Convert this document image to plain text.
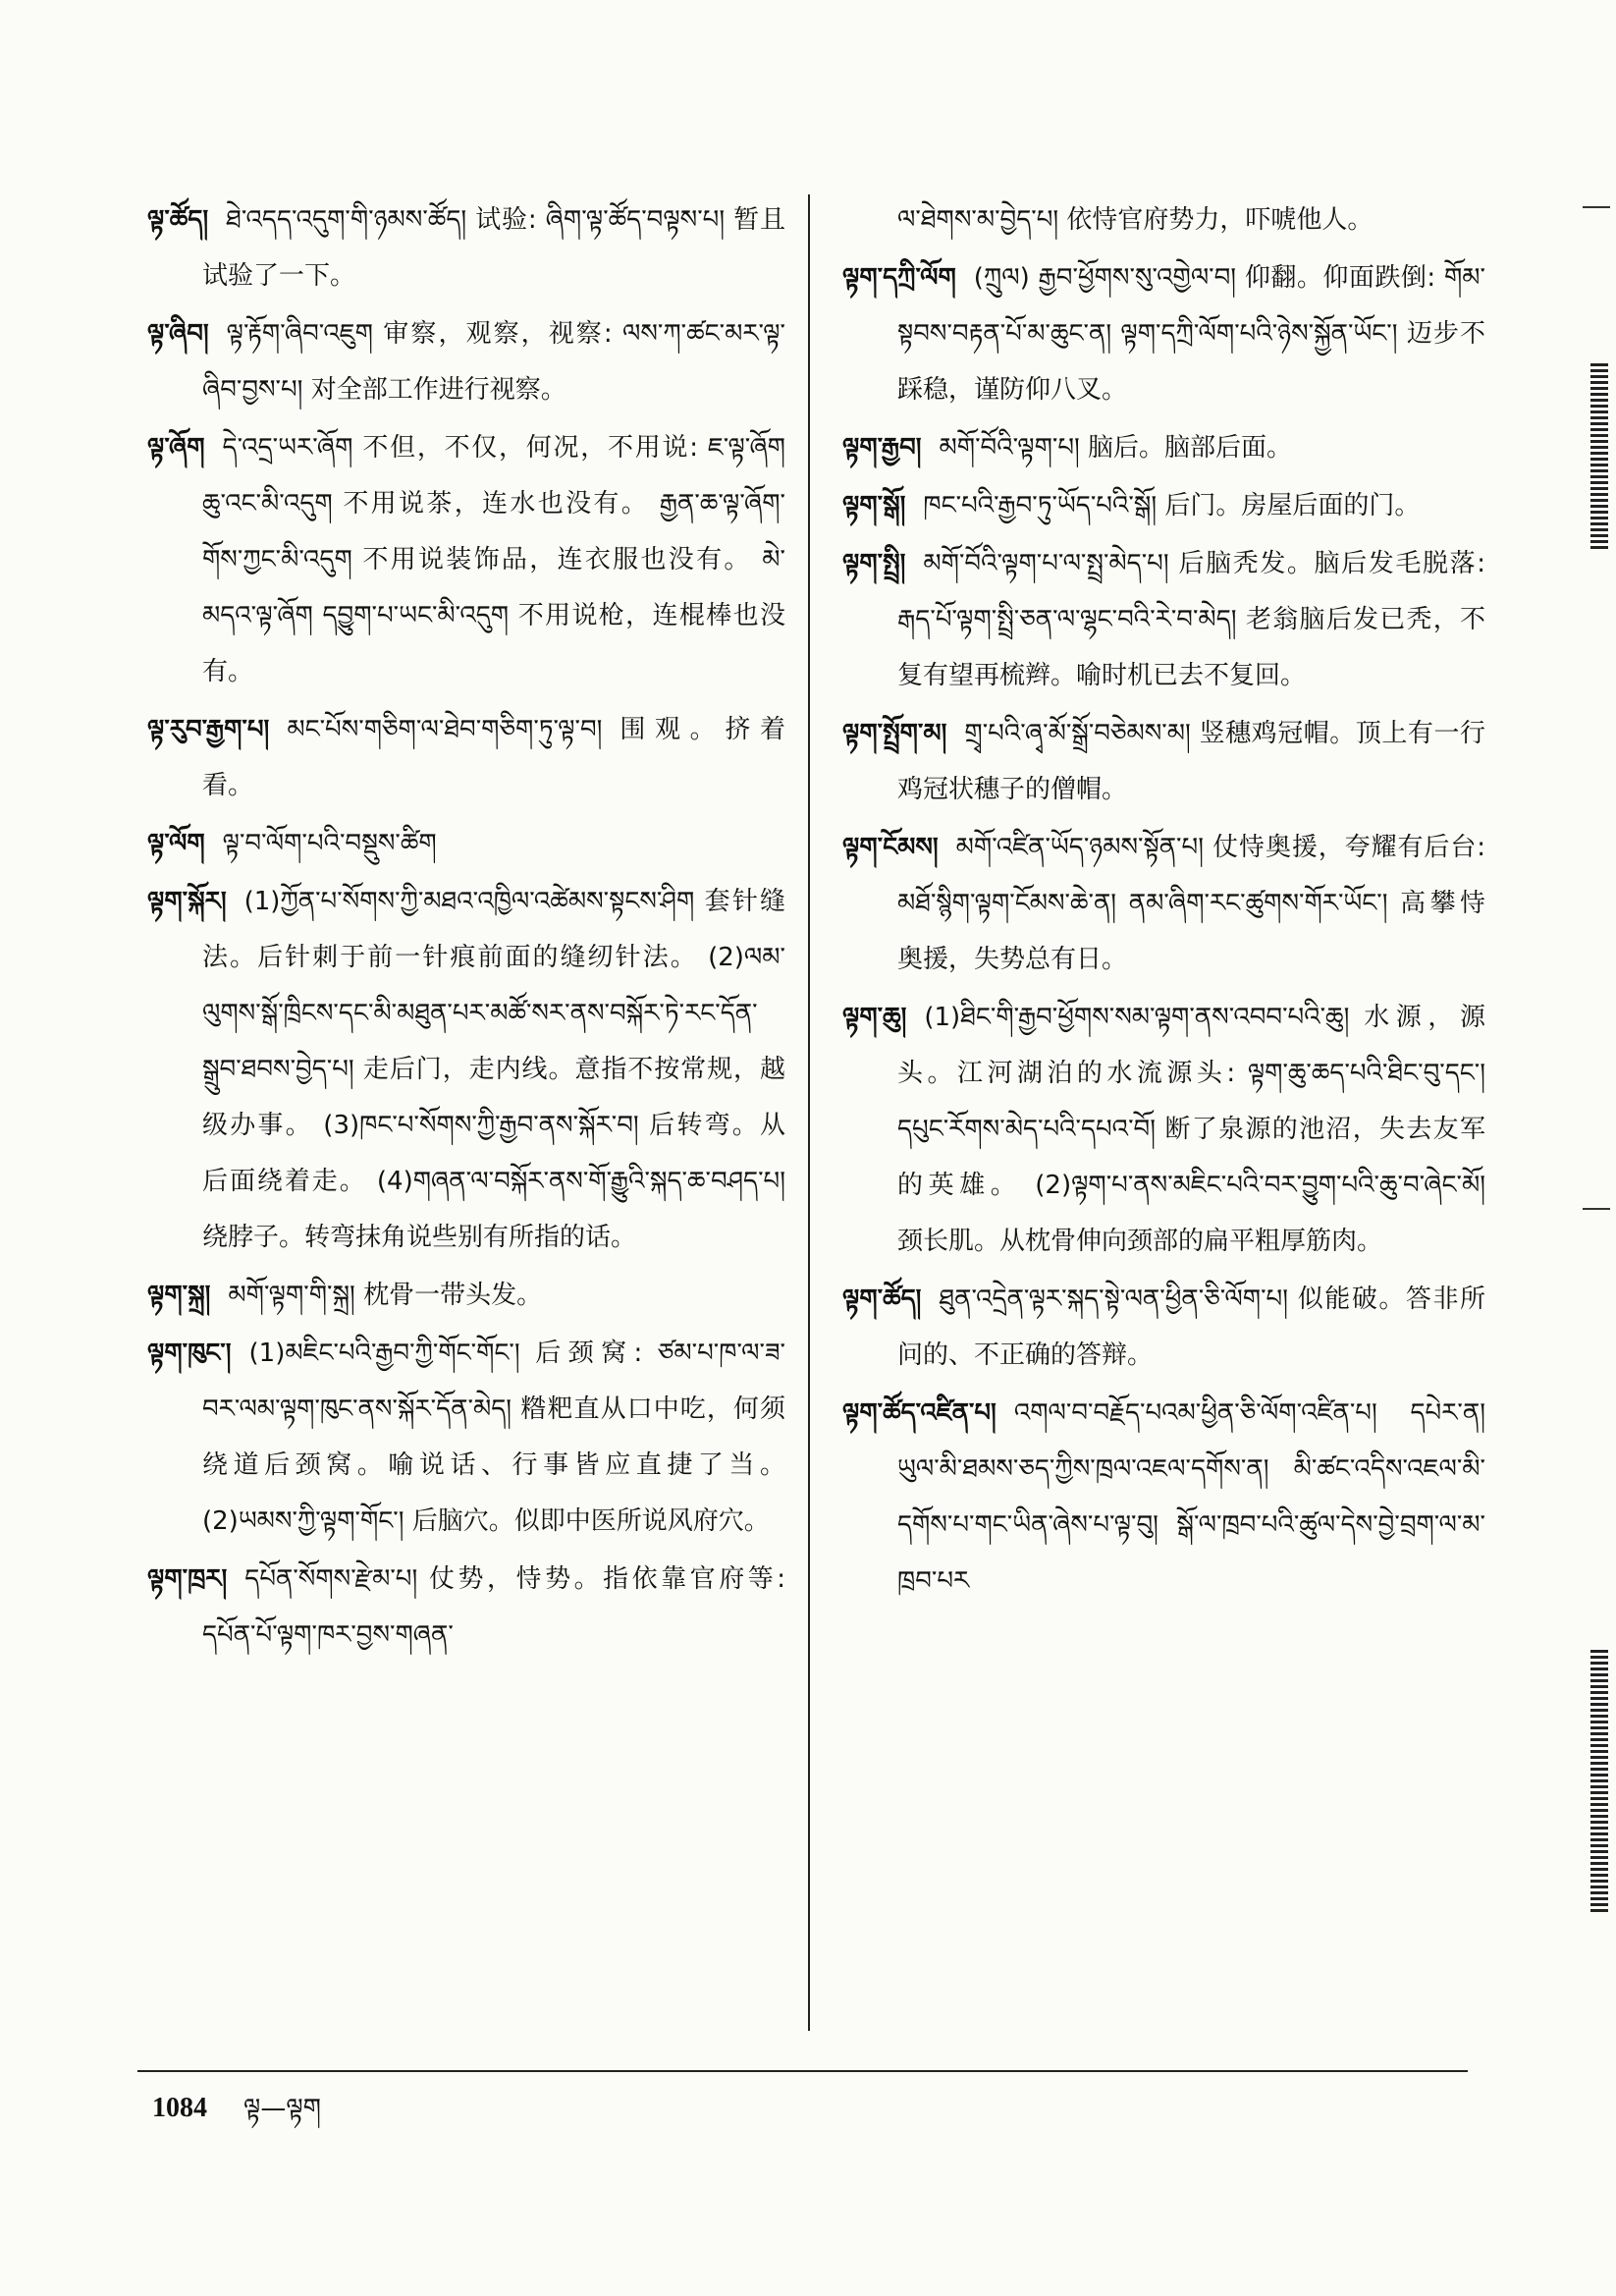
ལྟ་ཚོད། ཐེ་འདད་འདུག་གི་ཉམས་ཚོད། 试验: ཞིག་ལྟ་ཚོད་བལྟས་པ། 暂且试验了一下。

ལྟ་ཞིབ། ལྟ་རྟོག་ཞིབ་འཇུག 审察，观察，视察: ལས་ཀ་ཚང་མར་ལྟ་ཞིབ་བྱས་པ། 对全部工作进行视察。

ལྟ་ཞོག དེ་འདྲ་ཡར་ཞོག 不但，不仅，何况，不用说: ཇ་ལྟ་ཞོག ཆུ་འང་མི་འདུག 不用说茶，连水也没有。 རྒྱན་ཆ་ལྟ་ཞོག་གོས་ཀྱང་མི་འདུག 不用说装饰品，连衣服也没有。 མེ་མདའ་ལྟ་ཞོག དབྱུག་པ་ཡང་མི་འདུག 不用说枪，连棍棒也没有。

ལྟ་རུབ་རྒྱག་པ། མང་པོས་གཅིག་ལ་ཐེབ་གཅིག་ཏུ་ལྟ་བ། 围观。挤着看。

ལྟ་ལོག ལྟ་བ་ལོག་པའི་བསྡུས་ཚིག

ལྟག་སྐོར། (1)ཀྱོན་པ་སོགས་ཀྱི་མཐའ་འཁྱིལ་འཚེམས་སྟངས་ཤིག 套针缝法。后针刺于前一针痕前面的缝纫针法。 (2)ལམ་ལུགས་སྒོ་ཁྲིངས་དང་མི་མཐུན་པར་མཚོ་སར་ནས་བསྐོར་ཏེ་རང་དོན་སྒྲུབ་ཐབས་བྱེད་པ། 走后门，走内线。意指不按常规，越级办事。 (3)ཁང་པ་སོགས་ཀྱི་རྒྱབ་ནས་སྐོར་བ། 后转弯。从后面绕着走。 (4)གཞན་ལ་བསྐོར་ནས་གོ་རྒྱུའི་སྐད་ཆ་བཤད་པ། 绕脖子。转弯抹角说些别有所指的话。

ལྟག་སྐྲ། མགོ་ལྟག་གི་སྐྲ། 枕骨一带头发。

ལྟག་ཁུང་། (1)མཇིང་པའི་རྒྱབ་ཀྱི་གོང་གོང་། 后颈窝: ཙམ་པ་ཁ་ལ་ཟ་བར་ལམ་ལྟག་ཁུང་ནས་སྐོར་དོན་མེད། 糌粑直从口中吃，何须绕道后颈窝。喻说话、行事皆应直捷了当。 (2)ཡམས་ཀྱི་ལྟག་གོང་། 后脑穴。似即中医所说风府穴。

ལྟག་ཁྲར། དཔོན་སོགས་རྫེམ་པ། 仗势，恃势。指依靠官府等: དཔོན་པོ་ལྟག་ཁར་བྱས་གཞན་

ལ་ཐེགས་མ་བྱེད་པ། 依恃官府势力，吓唬他人。

ལྟག་དཀྲི་ལོག (ཀྲུལ) རྒྱབ་ཕྱོགས་སུ་འགྱེལ་བ། 仰翻。仰面跌倒: གོམ་སྟབས་བརྟན་པོ་མ་ཆུང་ན། ལྟག་དཀྲི་ལོག་པའི་ཉེས་སྐྱོན་ཡོང་། 迈步不踩稳，谨防仰八叉。

ལྟག་རྒྱབ། མགོ་བོའི་ལྟག་པ། 脑后。脑部后面。

ལྟག་སྒོ། ཁང་པའི་རྒྱབ་ཏུ་ཡོད་པའི་སྒོ། 后门。房屋后面的门。

ལྟག་སྤྲི། མགོ་བོའི་ལྟག་པ་ལ་སྤྲ་མེད་པ། 后脑秃发。脑后发毛脱落: རྒད་པོ་ལྟག་སྤྲི་ཅན་ལ་ལྷང་བའི་རེ་བ་མེད། 老翁脑后发已秃，不复有望再梳辫。喻时机已去不复回。

ལྟག་སྤྲོག་མ། གྲྭ་པའི་ཞྭ་མོ་སྒྲོ་བཅེམས་མ། 竖穗鸡冠帽。顶上有一行鸡冠状穗子的僧帽。

ལྟག་ངོམས། མགོ་འཛིན་ཡོད་ཉམས་སྟོན་པ། 仗恃奥援，夸耀有后台: མཐོ་སྙིག་ལྟག་ངོམས་ཆེ་ན། ནམ་ཞིག་རང་ཚུགས་གོར་ཡོང་། 高攀恃奥援，失势总有日。

ལྟག་ཆུ། (1)ཐིང་གི་རྒྱབ་ཕྱོགས་སམ་ལྟག་ནས་འབབ་པའི་ཆུ། 水源，源头。江河湖泊的水流源头: ལྟག་ཆུ་ཆད་པའི་ཐིང་བུ་དང་། དཔུང་རོགས་མེད་པའི་དཔའ་བོ། 断了泉源的池沼，失去友军的英雄。 (2)ལྟག་པ་ནས་མཇིང་པའི་བར་བྱུག་པའི་ཆུ་བ་ཞེང་མོ། 颈长肌。从枕骨伸向颈部的扁平粗厚筋肉。

ལྟག་ཚོད། ཐུན་འདྲེན་ལྟར་སྐད་སྟེ་ལན་ཕྱིན་ཅི་ལོག་པ། 似能破。答非所问的、不正确的答辩。

ལྟག་ཚོད་འཛིན་པ། འགལ་བ་བརྗོད་པའམ་ཕྱིན་ཅི་ལོག་འཛིན་པ། དཔེར་ན། ཡུལ་མི་ཐམས་ཅད་ཀྱིས་ཁྲལ་འཇལ་དགོས་ན། མི་ཚང་འདིས་འཇལ་མི་དགོས་པ་གང་ཡིན་ཞེས་པ་ལྟ་བུ། སྒོ་ལ་ཁྲབ་པའི་ཚུལ་དེས་བྱེ་བྲག་ལ་མ་ཁྲབ་པར

1084 ལྟ—ལྟག
